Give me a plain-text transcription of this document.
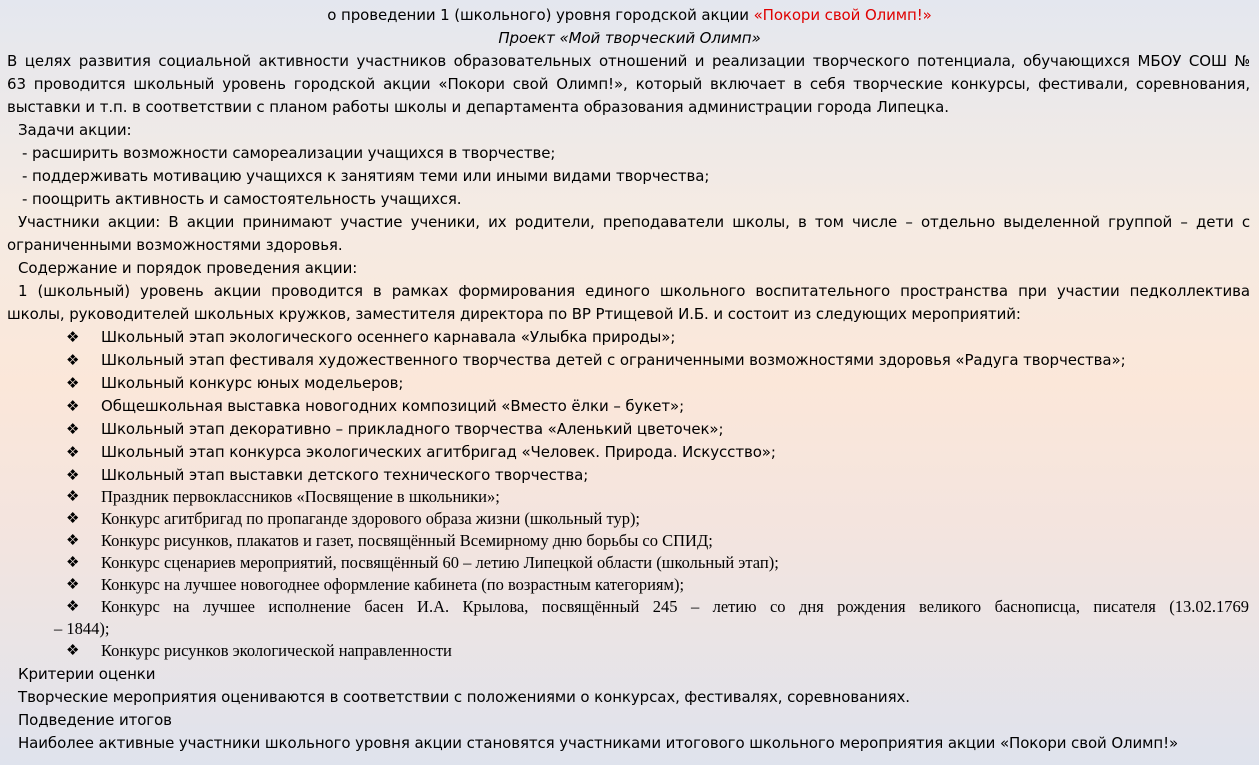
о проведении 1 (школьного) уровня городской акции «Покори свой Олимп!»
Проект «Мой творческий Олимп»
В целях развития социальной активности участников образовательных отношений и реализации творческого потенциала, обучающихся МБОУ СОШ №
63 проводится школьный уровень городской акции «Покори свой Олимп!», который включает в себя творческие конкурсы, фестивали, соревнования,
выставки и т.п. в соответствии с планом работы школы и департамента образования администрации города Липецка.
Задачи акции:
- расширить возможности самореализации учащихся в творчестве;
- поддерживать мотивацию учащихся к занятиям теми или иными видами творчества;
- поощрить активность и самостоятельность учащихся.
Участники акции: В акции принимают участие ученики, их родители, преподаватели школы, в том числе – отдельно выделенной группой – дети с
ограниченными возможностями здоровья.
Содержание и порядок проведения акции:
1 (школьный) уровень акции проводится в рамках формирования единого школьного воспитательного пространства при участии педколлектива
школы, руководителей школьных кружков, заместителя директора по ВР Ртищевой И.Б. и состоит из следующих мероприятий:
❖ Школьный этап экологического осеннего карнавала «Улыбка природы»;
❖ Школьный этап фестиваля художественного творчества детей с ограниченными возможностями здоровья «Радуга творчества»;
❖ Школьный конкурс юных модельеров;
❖ Общешкольная выставка новогодних композиций «Вместо ёлки – букет»;
❖ Школьный этап декоративно – прикладного творчества «Аленький цветочек»;
❖ Школьный этап конкурса экологических агитбригад «Человек. Природа. Искусство»;
❖ Школьный этап выставки детского технического творчества;
❖ Праздник первоклассников «Посвящение в школьники»;
❖ Конкурс агитбригад по пропаганде здорового образа жизни (школьный тур);
❖ Конкурс рисунков, плакатов и газет, посвящённый Всемирному дню борьбы со СПИД;
❖ Конкурс сценариев мероприятий, посвящённый 60 – летию Липецкой области (школьный этап);
❖ Конкурс на лучшее новогоднее оформление кабинета (по возрастным категориям);
❖ Конкурс на лучшее исполнение басен И.А. Крылова, посвящённый 245 – летию со дня рождения великого баснописца, писателя (13.02.1769
– 1844);
❖ Конкурс рисунков экологической направленности
Критерии оценки
Творческие мероприятия оцениваются в соответствии с положениями о конкурсах, фестивалях, соревнованиях.
Подведение итогов
Наиболее активные участники школьного уровня акции становятся участниками итогового школьного мероприятия акции «Покори свой Олимп!»
